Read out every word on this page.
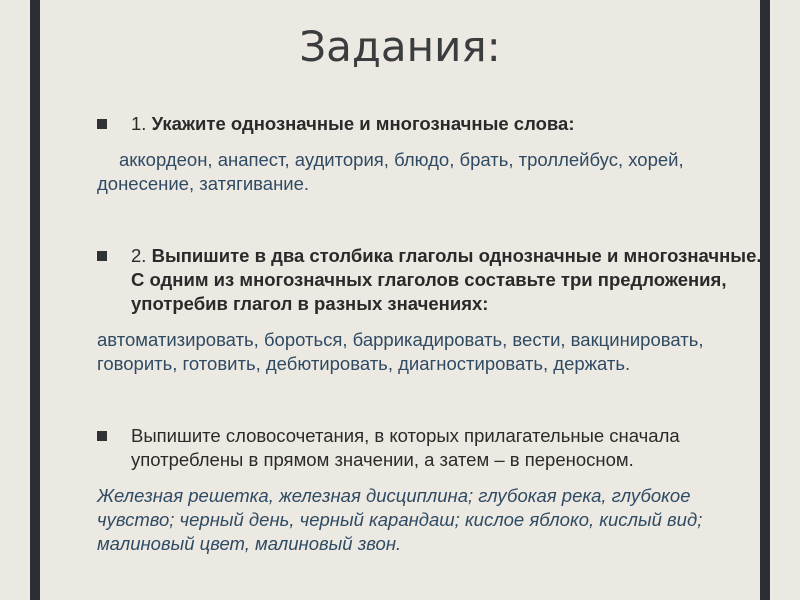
Задания:
1. Укажите однозначные и многозначные слова:
аккордеон, анапест, аудитория, блюдо, брать, троллейбус, хорей, донесение, затягивание.
2. Выпишите в два столбика глаголы однозначные и многозначные. С одним из многозначных глаголов составьте три предложения, употребив глагол в разных значениях:
автоматизировать, бороться, баррикадировать, вести, вакцинировать, говорить, готовить, дебютировать, диагностировать, держать.
Выпишите словосочетания, в которых прилагательные сначала употреблены в прямом значении, а затем – в переносном.
Железная решетка, железная дисциплина; глубокая река, глубокое чувство; черный день, черный карандаш; кислое яблоко, кислый вид; малиновый цвет, малиновый звон.
